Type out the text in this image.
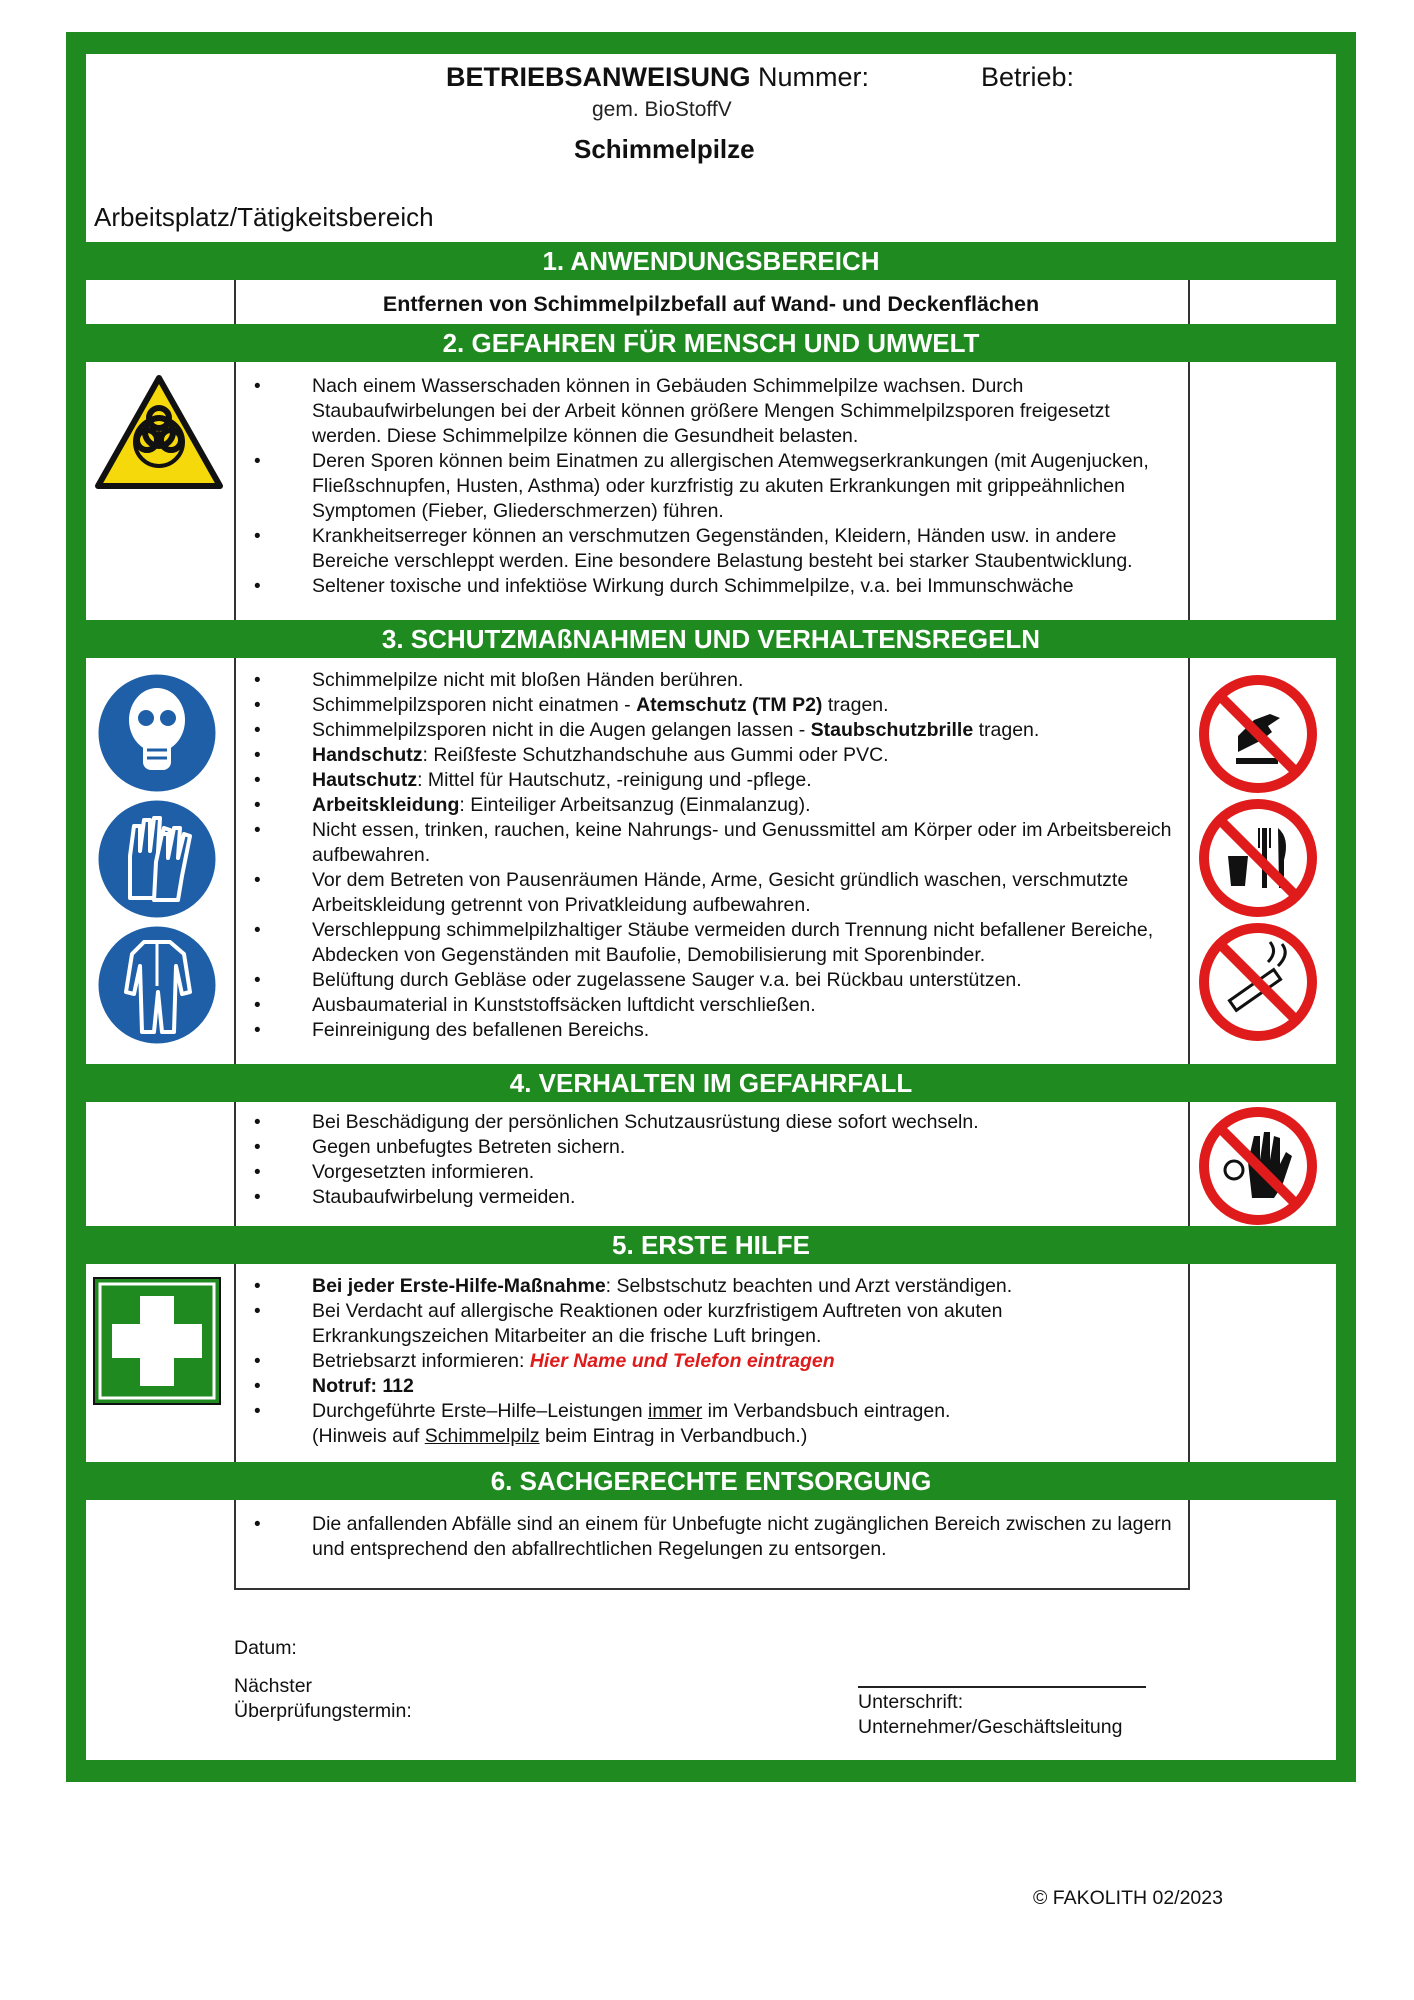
BETRIEBSANWEISUNG Nummer:	Betrieb:
gem. BioStoffV
Schimmelpilze
Arbeitsplatz/Tätigkeitsbereich
1. ANWENDUNGSBEREICH
Entfernen von Schimmelpilzbefall auf Wand- und Deckenflächen
2. GEFAHREN FÜR MENSCH UND UMWELT
• Nach einem Wasserschaden können in Gebäuden Schimmelpilze wachsen. Durch Staubaufwirbelungen bei der Arbeit können größere Mengen Schimmelpilzsporen freigesetzt werden. Diese Schimmelpilze können die Gesundheit belasten.
• Deren Sporen können beim Einatmen zu allergischen Atemwegserkrankungen (mit Augenjucken, Fließschnupfen, Husten, Asthma) oder kurzfristig zu akuten Erkrankungen mit grippeähnlichen Symptomen (Fieber, Gliederschmerzen) führen.
• Krankheitserreger können an verschmutzen Gegenständen, Kleidern, Händen usw. in andere Bereiche verschleppt werden. Eine besondere Belastung besteht bei starker Staubentwicklung.
• Seltener toxische und infektiöse Wirkung durch Schimmelpilze, v.a. bei Immunschwäche
3. SCHUTZMAßNAHMEN UND VERHALTENSREGELN
• Schimmelpilze nicht mit bloßen Händen berühren.
• Schimmelpilzsporen nicht einatmen - Atemschutz (TM P2) tragen.
• Schimmelpilzsporen nicht in die Augen gelangen lassen - Staubschutzbrille tragen.
• Handschutz: Reißfeste Schutzhandschuhe aus Gummi oder PVC.
• Hautschutz: Mittel für Hautschutz, -reinigung und -pflege.
• Arbeitskleidung: Einteiliger Arbeitsanzug (Einmalanzug).
• Nicht essen, trinken, rauchen, keine Nahrungs- und Genussmittel am Körper oder im Arbeitsbereich aufbewahren.
• Vor dem Betreten von Pausenräumen Hände, Arme, Gesicht gründlich waschen, verschmutzte Arbeitskleidung getrennt von Privatkleidung aufbewahren.
• Verschleppung schimmelpilzhaltiger Stäube vermeiden durch Trennung nicht befallener Bereiche, Abdecken von Gegenständen mit Baufolie, Demobilisierung mit Sporenbinder.
• Belüftung durch Gebläse oder zugelassene Sauger v.a. bei Rückbau unterstützen.
• Ausbaumaterial in Kunststoffsäcken luftdicht verschließen.
• Feinreinigung des befallenen Bereichs.
4. VERHALTEN IM GEFAHRFALL
• Bei Beschädigung der persönlichen Schutzausrüstung diese sofort wechseln.
• Gegen unbefugtes Betreten sichern.
• Vorgesetzten informieren.
• Staubaufwirbelung vermeiden.
5. ERSTE HILFE
• Bei jeder Erste-Hilfe-Maßnahme: Selbstschutz beachten und Arzt verständigen.
• Bei Verdacht auf allergische Reaktionen oder kurzfristigem Auftreten von akuten Erkrankungszeichen Mitarbeiter an die frische Luft bringen.
• Betriebsarzt informieren: Hier Name und Telefon eintragen
• Notruf: 112
• Durchgeführte Erste–Hilfe–Leistungen immer im Verbandsbuch eintragen.
(Hinweis auf Schimmelpilz beim Eintrag in Verbandbuch.)
6. SACHGERECHTE ENTSORGUNG
• Die anfallenden Abfälle sind an einem für Unbefugte nicht zugänglichen Bereich zwischen zu lagern und entsprechend den abfallrechtlichen Regelungen zu entsorgen.
Datum:
Nächster
Überprüfungstermin:	Unterschrift:
Unternehmer/Geschäftsleitung
© FAKOLITH 02/2023
